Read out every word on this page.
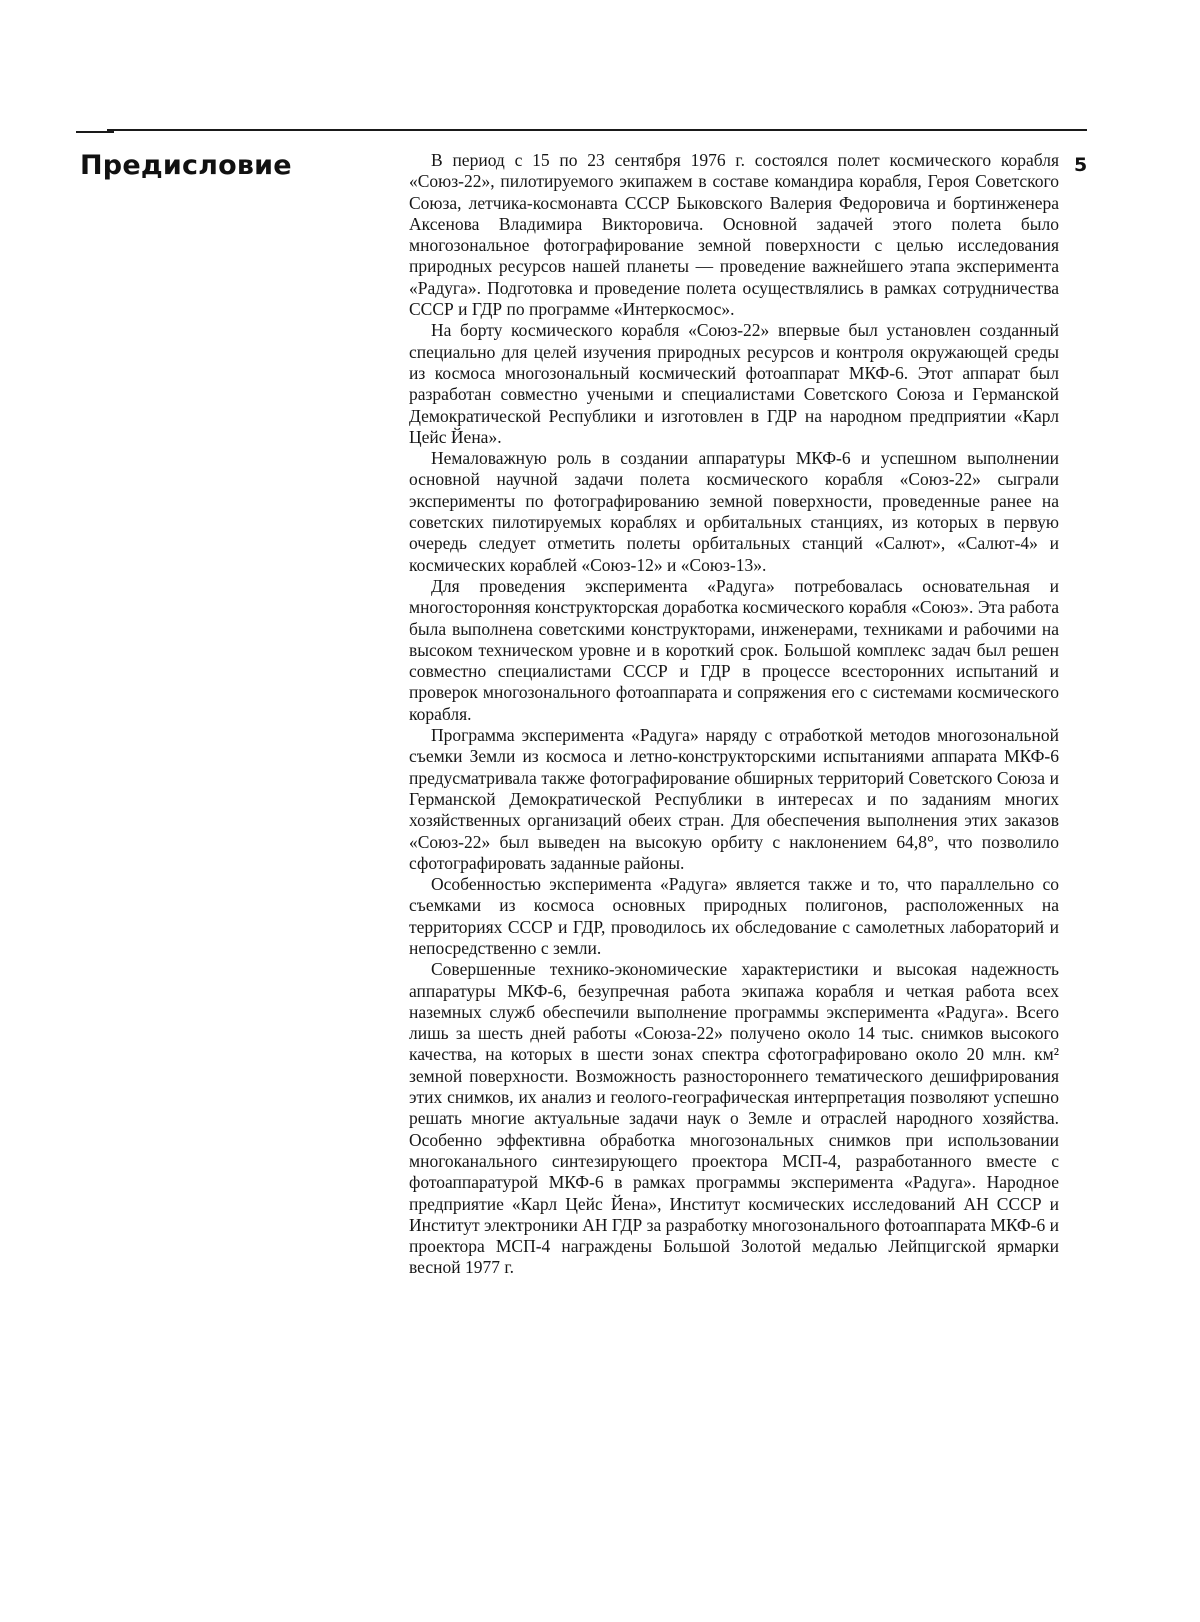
Предисловие	5

В период с 15 по 23 сентября 1976 г. состоялся полет космического корабля «Союз-22», пилотируемого экипажем в составе командира корабля, Героя Советского Союза, летчика-космонавта СССР Быковского Валерия Федоровича и бортинженера Аксенова Владимира Викторовича. Основной задачей этого полета было многозональное фотографирование земной поверхности с целью исследования природных ресурсов нашей планеты — проведение важнейшего этапа эксперимента «Радуга». Подготовка и проведение полета осуществлялись в рамках сотрудничества СССР и ГДР по программе «Интеркосмос».

На борту космического корабля «Союз-22» впервые был установлен созданный специально для целей изучения природных ресурсов и контроля окружающей среды из космоса многозональный космический фотоаппарат МКФ-6. Этот аппарат был разработан совместно учеными и специалистами Советского Союза и Германской Демократической Республики и изготовлен в ГДР на народном предприятии «Карл Цейс Йена».

Немаловажную роль в создании аппаратуры МКФ-6 и успешном выполнении основной научной задачи полета космического корабля «Союз-22» сыграли эксперименты по фотографированию земной поверхности, проведенные ранее на советских пилотируемых кораблях и орбитальных станциях, из которых в первую очередь следует отметить полеты орбитальных станций «Салют», «Салют-4» и космических кораблей «Союз-12» и «Союз-13».

Для проведения эксперимента «Радуга» потребовалась основательная и многосторонняя конструкторская доработка космического корабля «Союз». Эта работа была выполнена советскими конструкторами, инженерами, техниками и рабочими на высоком техническом уровне и в короткий срок. Большой комплекс задач был решен совместно специалистами СССР и ГДР в процессе всесторонних испытаний и проверок многозонального фотоаппарата и сопряжения его с системами космического корабля.

Программа эксперимента «Радуга» наряду с отработкой методов многозональной съемки Земли из космоса и летно-конструкторскими испытаниями аппарата МКФ-6 предусматривала также фотографирование обширных территорий Советского Союза и Германской Демократической Республики в интересах и по заданиям многих хозяйственных организаций обеих стран. Для обеспечения выполнения этих заказов «Союз-22» был выведен на высокую орбиту с наклонением 64,8°, что позволило сфотографировать заданные районы.

Особенностью эксперимента «Радуга» является также и то, что параллельно со съемками из космоса основных природных полигонов, расположенных на территориях СССР и ГДР, проводилось их обследование с самолетных лабораторий и непосредственно с земли.

Совершенные технико-экономические характеристики и высокая надежность аппаратуры МКФ-6, безупречная работа экипажа корабля и четкая работа всех наземных служб обеспечили выполнение программы эксперимента «Радуга». Всего лишь за шесть дней работы «Союза-22» получено около 14 тыс. снимков высокого качества, на которых в шести зонах спектра сфотографировано около 20 млн. км² земной поверхности. Возможность разностороннего тематического дешифрирования этих снимков, их анализ и геолого-географическая интерпретация позволяют успешно решать многие актуальные задачи наук о Земле и отраслей народного хозяйства. Особенно эффективна обработка многозональных снимков при использовании многоканального синтезирующего проектора МСП-4, разработанного вместе с фотоаппаратурой МКФ-6 в рамках программы эксперимента «Радуга». Народное предприятие «Карл Цейс Йена», Институт космических исследований АН СССР и Институт электроники АН ГДР за разработку многозонального фотоаппарата МКФ-6 и проектора МСП-4 награждены Большой Золотой медалью Лейпцигской ярмарки весной 1977 г.
